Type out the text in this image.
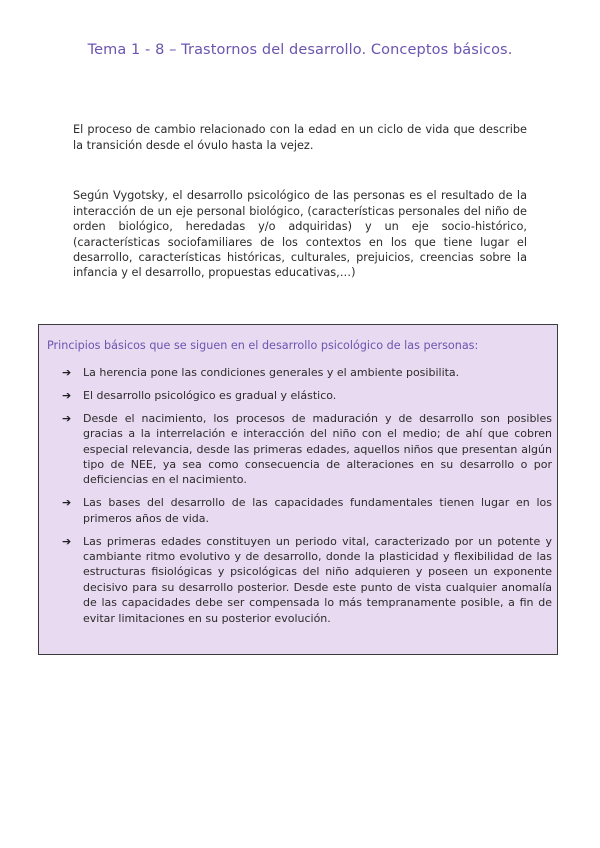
Tema 1 - 8 – Trastornos del desarrollo. Conceptos básicos.

El proceso de cambio relacionado con la edad en un ciclo de vida que describe la transición desde el óvulo hasta la vejez.

Según Vygotsky, el desarrollo psicológico de las personas es el resultado de la interacción de un eje personal biológico, (características personales del niño de orden biológico, heredadas y/o adquiridas) y un eje socio-histórico, (características sociofamiliares de los contextos en los que tiene lugar el desarrollo, características históricas, culturales, prejuicios, creencias sobre la infancia y el desarrollo, propuestas educativas,…)

Principios básicos que se siguen en el desarrollo psicológico de las personas:
➔ La herencia pone las condiciones generales y el ambiente posibilita.
➔ El desarrollo psicológico es gradual y elástico.
➔ Desde el nacimiento, los procesos de maduración y de desarrollo son posibles gracias a la interrelación e interacción del niño con el medio; de ahí que cobren especial relevancia, desde las primeras edades, aquellos niños que presentan algún tipo de NEE, ya sea como consecuencia de alteraciones en su desarrollo o por deficiencias en el nacimiento.
➔ Las bases del desarrollo de las capacidades fundamentales tienen lugar en los primeros años de vida.
➔ Las primeras edades constituyen un periodo vital, caracterizado por un potente y cambiante ritmo evolutivo y de desarrollo, donde la plasticidad y flexibilidad de las estructuras fisiológicas y psicológicas del niño adquieren y poseen un exponente decisivo para su desarrollo posterior. Desde este punto de vista cualquier anomalía de las capacidades debe ser compensada lo más tempranamente posible, a fin de evitar limitaciones en su posterior evolución.
